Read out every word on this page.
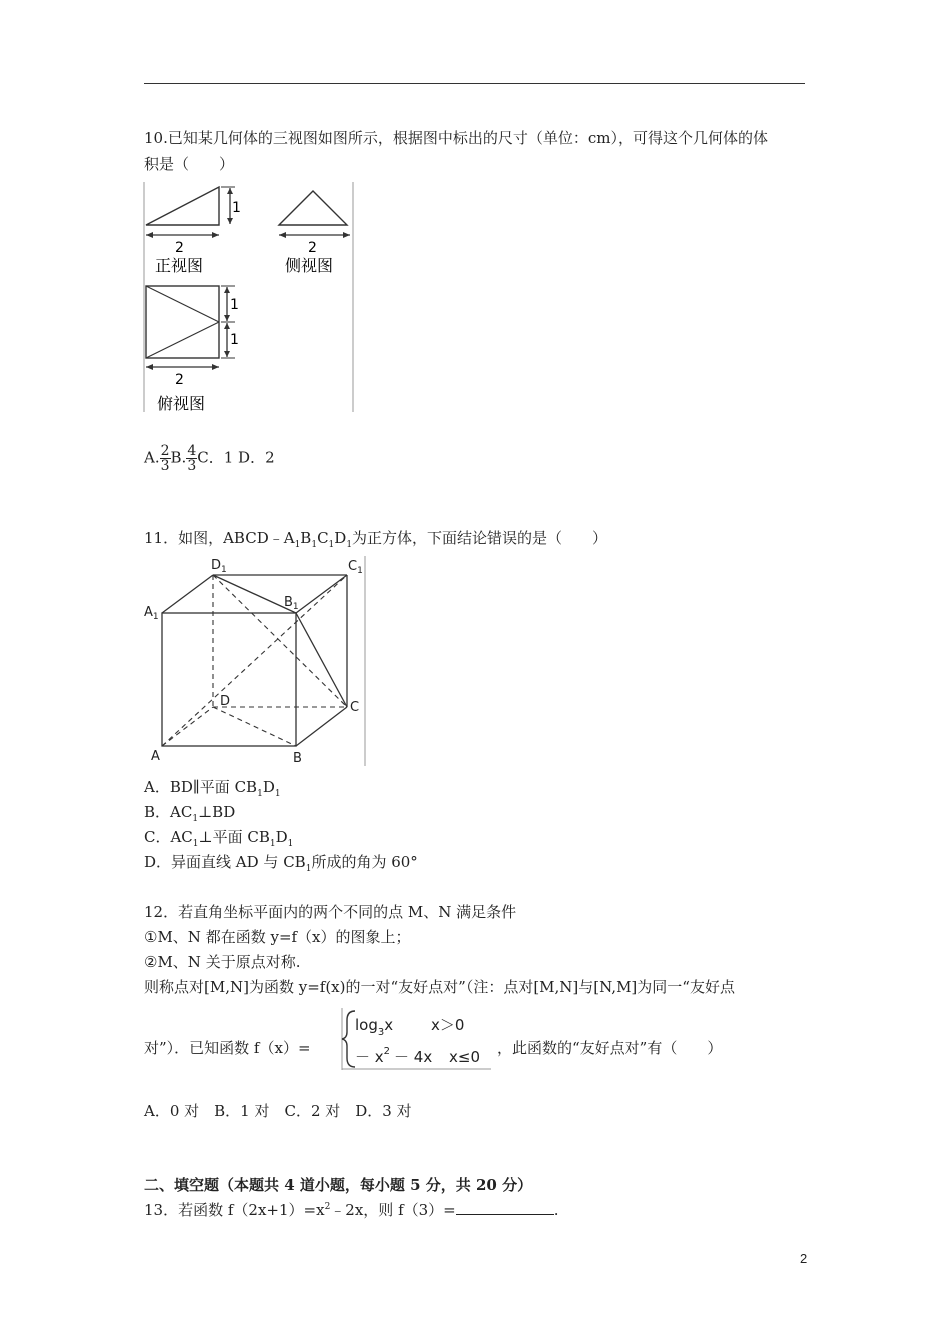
10.已知某几何体的三视图如图所示，根据图中标出的尺寸（单位：cm），可得这个几何体的体
积是（　　）
1
2
正视图
2
侧视图
1
1
2
俯视图
A. $\frac{2}{3} B$. $\frac{4}{3}$ C．1 D．2
11．如图，$ABCD﹣A_1B_1C_1D_1$为正方体，下面结论错误的是（　　）
$D_1$	$C_1$
$B_1$
$A_1$
D	C
A	B
A．BD∥平面 $CB_1D_1$
B．$AC_1\perp BD$
C．$AC_1\perp$平面 $CB_1D_1$
D．异面直线 AD 与 $CB_1$所成的角为 60°
12．若直角坐标平面内的两个不同的点 M、N 满足条件
①M、N 都在函数 y=f（x）的图象上；
②M、N 关于原点对称.
则称点对[M,N]为函数 y=f(x)的一对“友好点对”（注：点对[M,N]与[N,M]为同一“友好点
对”）．已知函数 f（x）=
$\log_3x$	x＞0
－ $x^2 - 4x$ x≤0 ，此函数的“友好点对”有（　　）
A．0 对　B．1 对　C．2 对　D．3 对
二、填空题（本题共 4 道小题，每小题 5 分，共 20 分）
13．若函数 $f(2x+1)=x^2﹣2x$，则 f（3）=	.
2
